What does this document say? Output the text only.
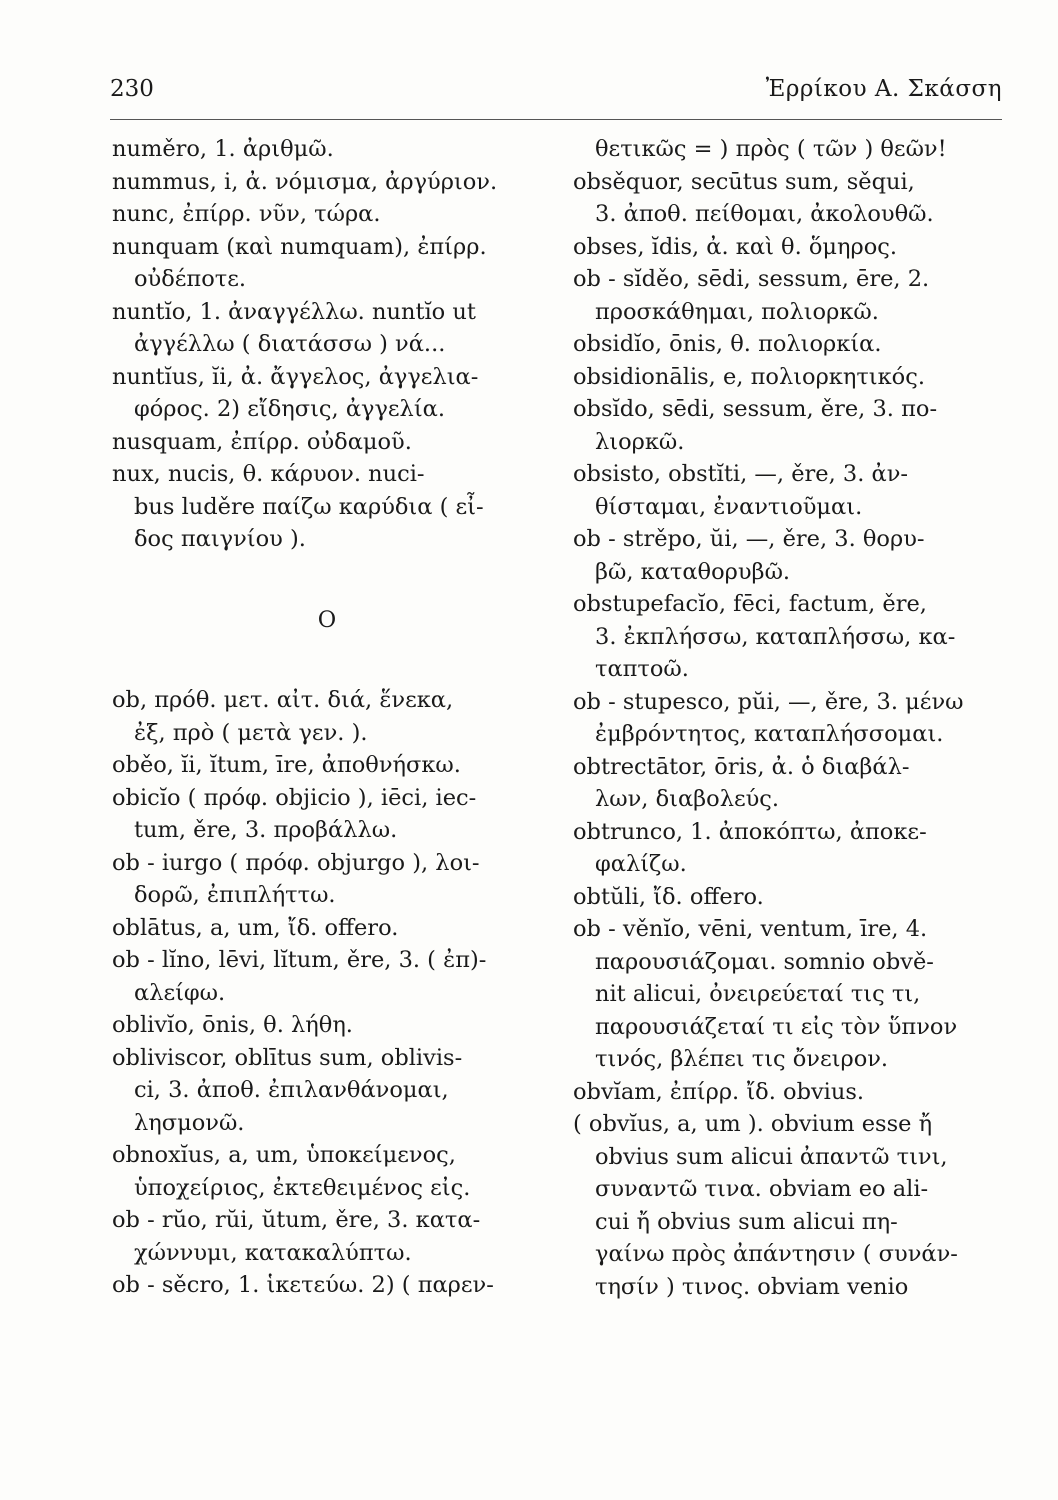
230	Ἐρρίκου Α. Σκάσση
numěro, 1. ἀριθμῶ.
nummus, i, ἀ. νόμισμα, ἀργύριον.
nunc, ἐπίρρ. νῦν, τώρα.
nunquam (καὶ numquam), ἐπίρρ.
οὐδέποτε.
nuntĭo, 1. ἀναγγέλλω. nuntĭo ut
ἀγγέλλω ( διατάσσω ) νά...
nuntĭus, ĭi, ἀ. ἄγγελος, ἀγγελια-
φόρος. 2) εἴδησις, ἀγγελία.
nusquam, ἐπίρρ. οὐδαμοῦ.
nux, nucis, θ. κάρυον. nuci-
bus luděre παίζω καρύδια ( εἶ-
δος παιγνίου ).
O
ob, πρόθ. μετ. αἰτ. διά, ἕνεκα,
ἐξ, πρὸ ( μετὰ γεν. ).
oběo, ĭi, ĭtum, īre, ἀποθνήσκω.
obicĭo ( πρόφ. objicio ), iēci, iec-
tum, ěre, 3. προβάλλω.
ob - iurgo ( πρόφ. objurgo ), λοι-
δορῶ, ἐπιπλήττω.
oblātus, a, um, ἴδ. offero.
ob - lĭno, lēvi, lĭtum, ěre, 3. ( ἐπ)-
αλείφω.
oblivĭo, ōnis, θ. λήθη.
obliviscor, oblītus sum, oblivis-
ci, 3. ἀποθ. ἐπιλανθάνομαι,
λησμονῶ.
obnoxĭus, a, um, ὑποκείμενος,
ὑποχείριος, ἐκτεθειμένος εἰς.
ob - rŭo, rŭi, ŭtum, ěre, 3. κατα-
χώννυμι, κατακαλύπτω.
ob - sěcro, 1. ἱκετεύω. 2) ( παρεν-
θετικῶς = ) πρὸς ( τῶν ) θεῶν!
obsěquor, secūtus sum, sěqui,
3. ἀποθ. πείθομαι, ἀκολουθῶ.
obses, ĭdis, ἀ. καὶ θ. ὅμηρος.
ob - sĭděo, sēdi, sessum, ēre, 2.
προσκάθημαι, πολιορκῶ.
obsidĭo, ōnis, θ. πολιορκία.
obsidionālis, e, πολιορκητικός.
obsĭdo, sēdi, sessum, ěre, 3. πο-
λιορκῶ.
obsisto, obstĭti, —, ěre, 3. ἀν-
θίσταμαι, ἐναντιοῦμαι.
ob - strěpo, ŭi, —, ěre, 3. θορυ-
βῶ, καταθορυβῶ.
obstupefacĭo, fēci, factum, ěre,
3. ἐκπλήσσω, καταπλήσσω, κα-
ταπτοῶ.
ob - stupesco, pŭi, —, ěre, 3. μένω
ἐμβρόντητος, καταπλήσσομαι.
obtrectātor, ōris, ἀ. ὁ διαβάλ-
λων, διαβολεύς.
obtrunco, 1. ἀποκόπτω, ἀποκε-
φαλίζω.
obtŭli, ἴδ. offero.
ob - věnĭo, vēni, ventum, īre, 4.
παρουσιάζομαι. somnio obvě-
nit alicui, ὀνειρεύεταί τις τι,
παρουσιάζεταί τι εἰς τὸν ὕπνον
τινός, βλέπει τις ὄνειρον.
obvĭam, ἐπίρρ. ἴδ. obvius.
( obvĭus, a, um ). obvium esse ἤ
obvius sum alicui ἀπαντῶ τινι,
συναντῶ τινα. obviam eo ali-
cui ἤ obvius sum alicui πη-
γαίνω πρὸς ἀπάντησιν ( συνάν-
τησίν ) τινος. obviam venio
